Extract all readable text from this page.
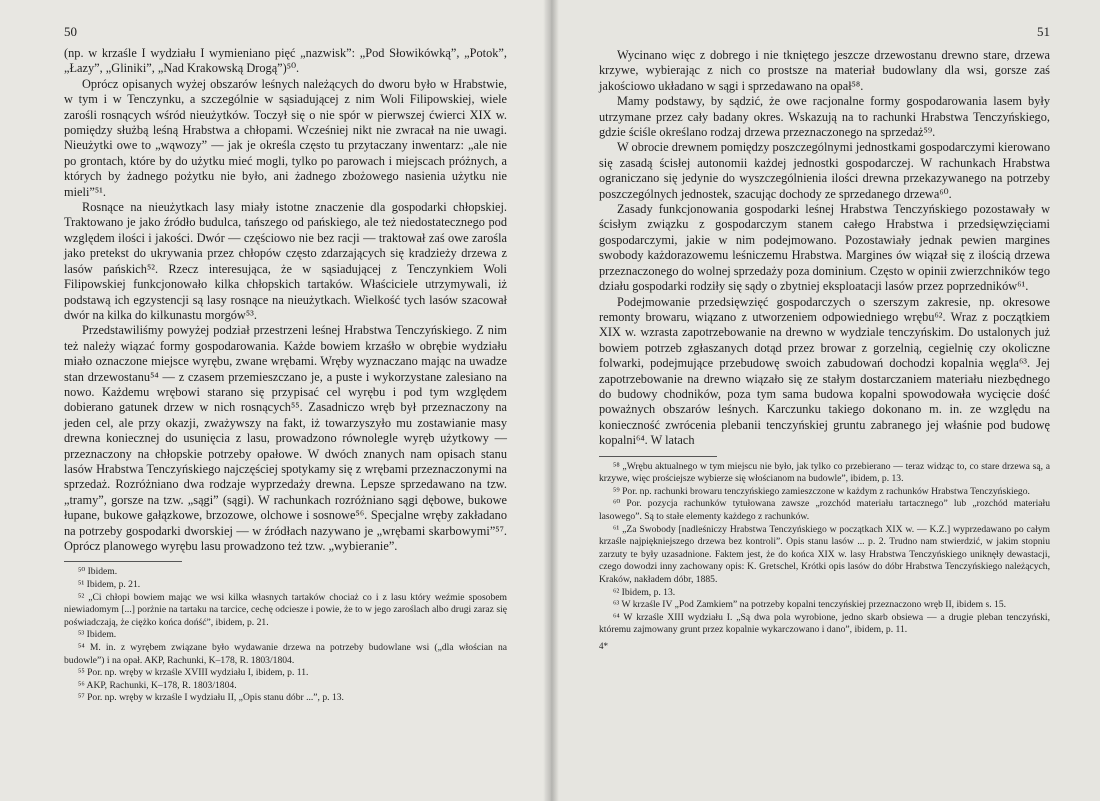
50

(np. w krzaśle I wydziału I wymieniano pięć „nazwisk”: „Pod Słowikówką”, „Potok”, „Łazy”, „Gliniki”, „Nad Krakowską Drogą”)⁵⁰.

Oprócz opisanych wyżej obszarów leśnych należących do dworu było w Hrabstwie, w tym i w Tenczynku, a szczególnie w sąsiadującej z nim Woli Filipowskiej, wiele zarośli rosnących wśród nieużytków. Toczył się o nie spór w pierwszej ćwierci XIX w. pomiędzy służbą leśną Hrabstwa a chłopami. Wcześniej nikt nie zwracał na nie uwagi. Nieużytki owe to „wąwozy” — jak je określa często tu przytaczany inwentarz: „ale nie po grontach, które by do użytku mieć mogli, tylko po parowach i miejscach próżnych, a których by żadnego pożytku nie było, ani żadnego zbożowego nasienia użytku nie mieli”⁵¹.

Rosnące na nieużytkach lasy miały istotne znaczenie dla gospodarki chłopskiej. Traktowano je jako źródło budulca, tańszego od pańskiego, ale też niedostatecznego pod względem ilości i jakości. Dwór — częściowo nie bez racji — traktował zaś owe zarośla jako pretekst do ukrywania przez chłopów często zdarzających się kradzieży drzewa z lasów pańskich⁵². Rzecz interesująca, że w sąsiadującej z Tenczynkiem Woli Filipowskiej funkcjonowało kilka chłopskich tartaków. Właściciele utrzymywali, iż podstawą ich egzystencji są lasy rosnące na nieużytkach. Wielkość tych lasów szacował dwór na kilka do kilkunastu morgów⁵³.

Przedstawiliśmy powyżej podział przestrzeni leśnej Hrabstwa Tenczyńskiego. Z nim też należy wiązać formy gospodarowania. Każde bowiem krzaśło w obrębie wydziału miało oznaczone miejsce wyrębu, zwane wrębami. Wręby wyznaczano mając na uwadze stan drzewostanu⁵⁴ — z czasem przemieszczano je, a puste i wykorzystane zalesiano na nowo. Każdemu wrębowi starano się przypisać cel wyrębu i pod tym względem dobierano gatunek drzew w nich rosnących⁵⁵. Zasadniczo wręb był przeznaczony na jeden cel, ale przy okazji, zważywszy na fakt, iż towarzyszyło mu zostawianie masy drewna koniecznej do usunięcia z lasu, prowadzono równolegle wyręb użytkowy — przeznaczony na chłopskie potrzeby opałowe. W dwóch znanych nam opisach stanu lasów Hrabstwa Tenczyńskiego najczęściej spotykamy się z wrębami przeznaczonymi na sprzedaż. Rozróżniano dwa rodzaje wyprzedaży drewna. Lepsze sprzedawano na tzw. „tramy”, gorsze na tzw. „sągi” (sągi). W rachunkach rozróżniano sągi dębowe, bukowe łupane, bukowe gałązkowe, brzozowe, olchowe i sosnowe⁵⁶. Specjalne wręby zakładano na potrzeby gospodarki dworskiej — w źródłach nazywano je „wrębami skarbowymi”⁵⁷. Oprócz planowego wyrębu lasu prowadzono też tzw. „wybieranie”.

⁵⁰ Ibidem.

⁵¹ Ibidem, p. 21.

⁵² „Ci chłopi bowiem mając we wsi kilka własnych tartaków chociaż co i z lasu który weźmie sposobem niewiadomym [...] porżnie na tartaku na tarcice, cechę odciesze i powie, że to w jego zaroślach albo drugi zaraz się poświadczają, że ciężko końca dońść”, ibidem, p. 21.

⁵³ Ibidem.

⁵⁴ M. in. z wyrębem związane było wydawanie drzewa na potrzeby budowlane wsi („dla włościan na budowle”) i na opał. AKP, Rachunki, K–178, R. 1803/1804.

⁵⁵ Por. np. wręby w krzaśle XVIII wydziału I, ibidem, p. 11.

⁵⁶ AKP, Rachunki, K–178, R. 1803/1804.

⁵⁷ Por. np. wręby w krzaśle I wydziału II, „Opis stanu dóbr ...”, p. 13.

51

Wycinano więc z dobrego i nie tkniętego jeszcze drzewostanu drewno stare, drzewa krzywe, wybierając z nich co prostsze na materiał budowlany dla wsi, gorsze zaś jakościowo układano w sągi i sprzedawano na opał⁵⁸.

Mamy podstawy, by sądzić, że owe racjonalne formy gospodarowania lasem były utrzymane przez cały badany okres. Wskazują na to rachunki Hrabstwa Tenczyńskiego, gdzie ściśle określano rodzaj drzewa przeznaczonego na sprzedaż⁵⁹.

W obrocie drewnem pomiędzy poszczególnymi jednostkami gospodarczymi kierowano się zasadą ścisłej autonomii każdej jednostki gospodarczej. W rachunkach Hrabstwa ograniczano się jedynie do wyszczególnienia ilości drewna przekazywanego na potrzeby poszczególnych jednostek, szacując dochody ze sprzedanego drzewa⁶⁰.

Zasady funkcjonowania gospodarki leśnej Hrabstwa Tenczyńskiego pozostawały w ścisłym związku z gospodarczym stanem całego Hrabstwa i przedsięwzięciami gospodarczymi, jakie w nim podejmowano. Pozostawiały jednak pewien margines swobody każdorazowemu leśniczemu Hrabstwa. Margines ów wiązał się z ilością drzewa przeznaczonego do wolnej sprzedaży poza dominium. Często w opinii zwierzchników tego działu gospodarki rodziły się sądy o zbytniej eksploatacji lasów przez poprzedników⁶¹.

Podejmowanie przedsięwzięć gospodarczych o szerszym zakresie, np. okresowe remonty browaru, wiązano z utworzeniem odpowiedniego wrębu⁶². Wraz z początkiem XIX w. wzrasta zapotrzebowanie na drewno w wydziale tenczyńskim. Do ustalonych już bowiem potrzeb zgłaszanych dotąd przez browar z gorzelnią, cegielnię czy okoliczne folwarki, podejmujące przebudowę swoich zabudowań dochodzi kopalnia węgla⁶³. Jej zapotrzebowanie na drewno wiązało się ze stałym dostarczaniem materiału niezbędnego do budowy chodników, poza tym sama budowa kopalni spowodowała wycięcie dość poważnych obszarów leśnych. Karczunku takiego dokonano m. in. ze względu na konieczność zwrócenia plebanii tenczyńskiej gruntu zabranego jej właśnie pod budowę kopalni⁶⁴. W latach

⁵⁸ „Wrębu aktualnego w tym miejscu nie było, jak tylko co przebierano — teraz widząc to, co stare drzewa są, a krzywe, więc prościejsze wybierze się włościanom na budowle”, ibidem, p. 13.

⁵⁹ Por. np. rachunki browaru tenczyńskiego zamieszczone w każdym z rachunków Hrabstwa Tenczyńskiego.

⁶⁰ Por. pozycja rachunków tytułowana zawsze „rozchód materiału tartacznego” lub „rozchód materiału lasowego”. Są to stałe elementy każdego z rachunków.

⁶¹ „Za Swobody [nadleśniczy Hrabstwa Tenczyńskiego w początkach XIX w. — K.Z.] wyprzedawano po całym krzaśle najpiękniejszego drzewa bez kontroli”. Opis stanu lasów ... p. 2. Trudno nam stwierdzić, w jakim stopniu zarzuty te były uzasadnione. Faktem jest, że do końca XIX w. lasy Hrabstwa Tenczyńskiego uniknęły dewastacji, czego dowodzi inny zachowany opis: K. Gretschel, Krótki opis lasów do dóbr Hrabstwa Tenczyńskiego należących, Kraków, nakładem dóbr, 1885.

⁶² Ibidem, p. 13.

⁶³ W krzaśle IV „Pod Zamkiem” na potrzeby kopalni tenczyńskiej przeznaczono wręb II, ibidem s. 15.

⁶⁴ W krzaśle XIII wydziału I. „Są dwa pola wyrobione, jedno skarb obsiewa — a drugie pleban tenczyński, któremu zajmowany grunt przez kopalnie wykarczowano i dano”, ibidem, p. 11.

4*
